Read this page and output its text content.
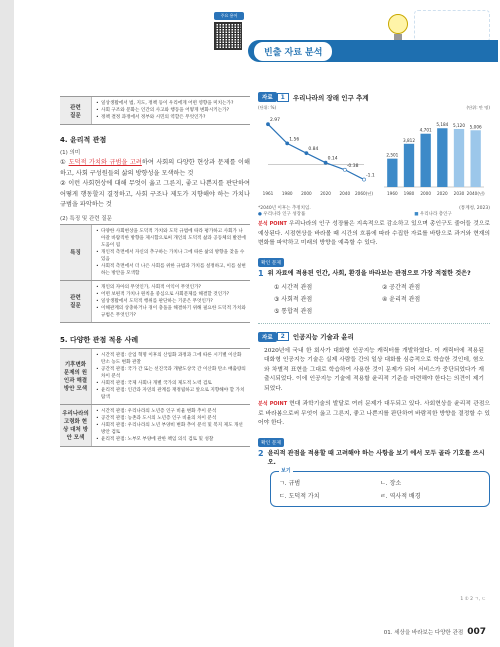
주요 용어
빈출 자료 분석
관련
질문
• 일상생활에서 법, 지도, 정책 등이 우리에게 어떤 영향을 미치는가?
• 사회 구조와 문화는 인간의 사고와 행동을 어떻게 변화시키는가?
• 정책 결정 과정에서 정부와 시민의 역할은 무엇인가?
4. 윤리적 관점
(1) 의미

① 도덕적 가치와 규범을 고려하여 사회의 다양한 현상과 문제를 이해하고, 사회 구성원들의 삶의 방향성을 모색하는 것

② 이런 사회현상에 대해 무엇이 옳고 그른지, 좋고 나쁜지를 판단하여 어떻게 행동할지 결정하고, 사회 구조나 제도가 지향해야 하는 가치나 규범을 파악하는 것

(2) 특징 및 관련 질문
특징
• 다양한 사회현상을 도덕적 가치와 도덕 규범에 따라 평가하고 사회가 나아갈 바람직한 방향을 제시함으로써 개인의 도덕적 삶과 공동체의 발전에 도움이 됨
• 개인적 측면에서 자신의 추구하는 가치나 그에 따른 삶의 방향을 찾을 수 있음
• 사회적 측면에서 더 나은 사회를 위한 규범과 가치를 설정하고, 이를 실현하는 방안을 모색함
관련
질문
• 개인의 자아의 무엇인가, 사회적 이익이 무엇인가?
• 어떤 보편적 가치나 원칙을 중심으로 사회문제를 해결할 것인가?
• 일상생활에서 도덕적 행위를 판단하는 기준은 무엇인가?
• 이해관계의 상충하거나 경이 충돌을 해결하기 위해 필요한 도덕적 가치와 규범은 무엇인가?
5. 다양한 관점 적용 사례
기후변화 문제의 원인과 해결 방안 모색
• 시간적 관점: 산업 혁명 이후의 산업화 과정과 그에 따른 시기별 이산화 탄소 농도 변화 관찰
• 공간적 관점: 국가 간 또는 선진국과 개발도상국 간 이산화 탄소 배출량의 차이 분석
• 사회적 관점: 국제 사회나 개별 국가의 제도적 노력 검토
• 윤리적 관점: 인간과 자연의 관계를 재정립하고 앞으로 지향해야 할 가치 탐색
우리나라의 고령화 현상 대처 방안 모색
• 시간적 관점: 우리나라의 노년층 인구 비율 변화 추이 분석
• 공간적 관점: 농촌과 도시의 노년층 인구 비율의 차이 분석
• 사회적 관점: 우리나라의 노년 부양비 변화 추이 분석 및 복지 제도 개선 방안 검토
• 윤리적 관점: 노부모 부양에 관한 책임 의식 검토 및 성찰
자료	1	우리나라의 장래 인구 추계
(단위: %)
2.97
1.56
0.84
0.14
-0.38
-1.1
1961 1980 2000 2020 2040 2060(년)
(단위: 만 명)
2,501
1960
3,812
1980
4,701
2000
5,184
2020
5,120
2030
5,006
2040(년)
*2040년 이후는 추정치임.
● 우리나라 인구 성장률
(통계청, 2023)
■ 우리나라 총인구

분석 POINT 우리나라의 인구 성장률은 지속적으로 감소하고 있으며 총인구도 줄어들 것으로 예상된다. 시점현상을 바라볼 때 시간의 흐름에 따라 수집한 자료를 바탕으로 과거와 현재의 변화를 파악하고 미래의 방향을 예측할 수 있다.

확인 문제
1 위 자료에 적용된 인간, 사회, 환경을 바라보는 관점으로 가장 적절한 것은?
① 시간적 관점	② 공간적 관점
③ 사회적 관점	④ 윤리적 관점
⑤ 통합적 관점
자료	2	인공지능 기술과 윤리

2020년에 국내 한 회사가 대화형 인공지능 캐릭터를 개발하였다. 이 캐릭터에 적용된 대화형 인공지능 기술은 실제 사람들 간의 일상 대화를 심층적으로 학습한 것인데, 혐오와 차별적 표현을 그대로 학습하여 사용한 것이 문제가 되어 서비스가 중단되었다가 재출시되었다. 이에 인공지능 기술에 적용할 윤리적 기준을 마련해야 한다는 의견이 제기되었다.

분석 POINT 현대 과학기술의 발달로 여러 문제가 대두되고 있다. 사회현상을 윤리적 관점으로 바라봄으로써 무엇이 옳고 그른지, 좋고 나쁜지를 판단하여 바람직한 방향을 결정할 수 있어야 한다.

확인 문제
2 윤리적 관점을 적용할 때 고려해야 하는 사항을 보기 에서 모두 골라 기호를 쓰시오.
보기
ㄱ. 규범	ㄴ. 장소
ㄷ. 도덕적 가치	ㄹ. 역사적 배경
1 ① 2 ㄱ, ㄷ
01. 세상을 바라보는 다양한 관점 007
